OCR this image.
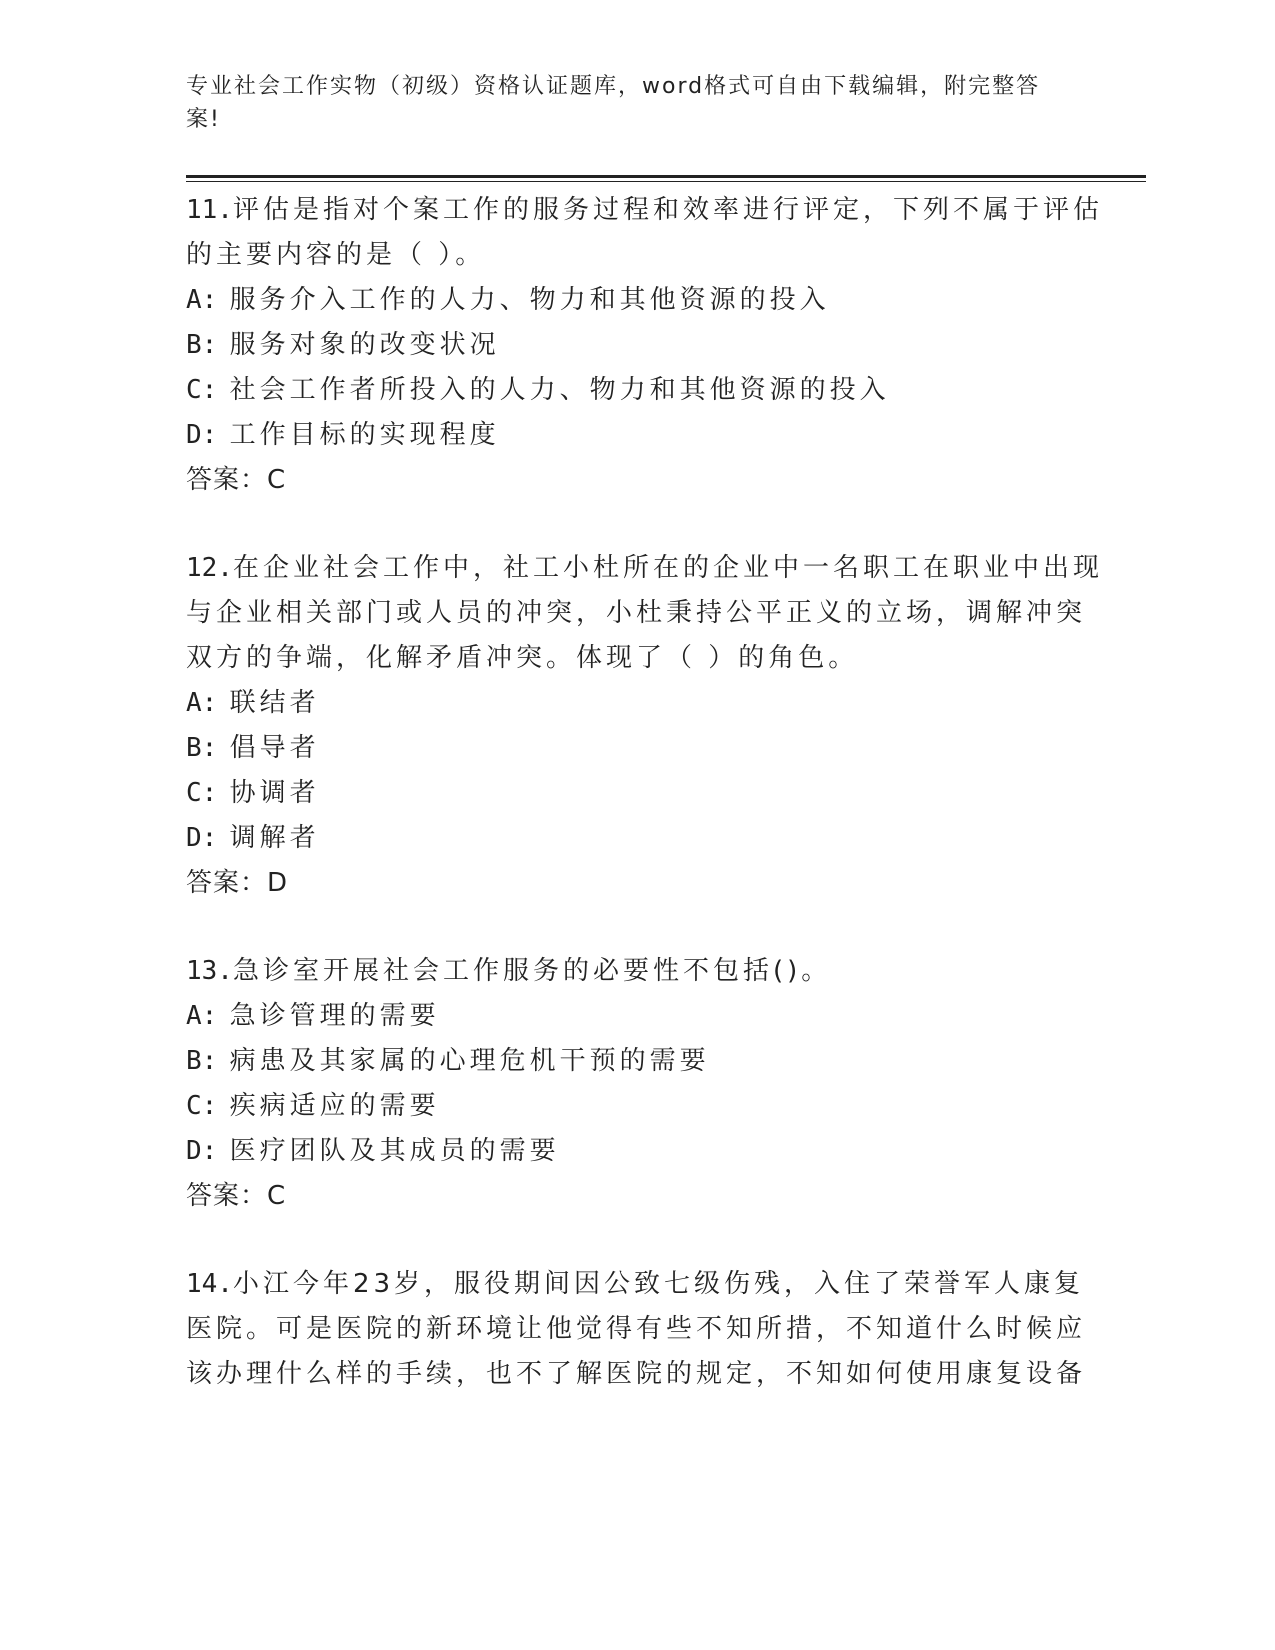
专业社会工作实物（初级）资格认证题库，word格式可自由下载编辑，附完整答案!
11.评估是指对个案工作的服务过程和效率进行评定，下列不属于评估的主要内容的是（ ）。
A: 服务介入工作的人力、物力和其他资源的投入
B: 服务对象的改变状况
C: 社会工作者所投入的人力、物力和其他资源的投入
D: 工作目标的实现程度
答案：C
12.在企业社会工作中，社工小杜所在的企业中一名职工在职业中出现与企业相关部门或人员的冲突，小杜秉持公平正义的立场，调解冲突双方的争端，化解矛盾冲突。体现了（ ）的角色。
A: 联结者
B: 倡导者
C: 协调者
D: 调解者
答案：D
13.急诊室开展社会工作服务的必要性不包括()。
A: 急诊管理的需要
B: 病患及其家属的心理危机干预的需要
C: 疾病适应的需要
D: 医疗团队及其成员的需要
答案：C
14.小江今年23岁，服役期间因公致七级伤残，入住了荣誉军人康复医院。可是医院的新环境让他觉得有些不知所措，不知道什么时候应该办理什么样的手续，也不了解医院的规定，不知如何使用康复设备
